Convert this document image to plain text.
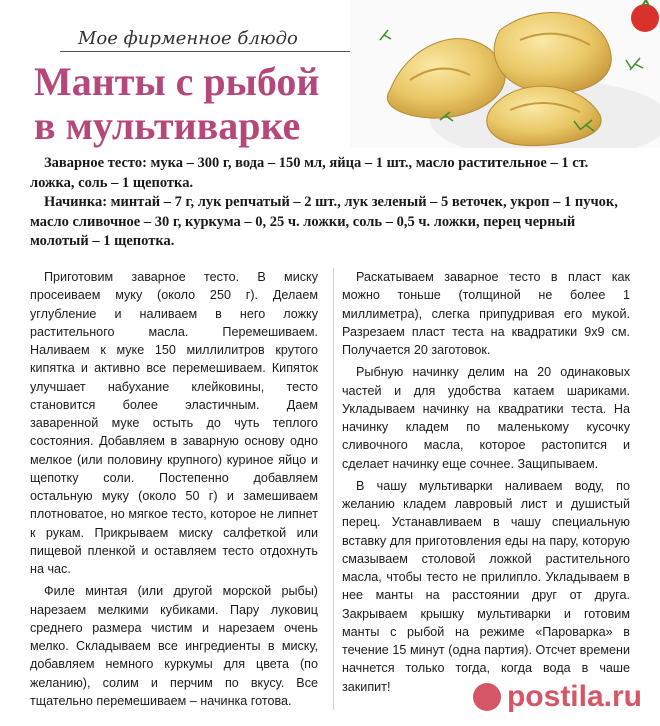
Мое фирменное блюдо
Манты с рыбой
в мультиварке

Заварное тесто: мука – 300 г, вода – 150 мл, яйца – 1 шт., масло растительное – 1 ст. ложка, соль – 1 щепотка.

Начинка: минтай – 7 г, лук репчатый – 2 шт., лук зеленый – 5 веточек, укроп – 1 пучок, масло сливочное – 30 г, куркума – 0, 25 ч. ложки, соль – 0,5 ч. ложки, перец черный молотый – 1 щепотка.

Приготовим заварное тесто. В миску просеиваем муку (около 250 г). Делаем углубление и наливаем в него ложку растительного масла. Перемешиваем. Наливаем к муке 150 миллилитров крутого кипятка и активно все перемешиваем. Кипяток улучшает набухание клейковины, тесто становится более эластичным. Даем заваренной муке остыть до чуть теплого состояния. Добавляем в заварную основу одно мелкое (или половину крупного) куриное яйцо и щепотку соли. Постепенно добавляем остальную муку (около 50 г) и замешиваем плотноватое, но мягкое тесто, которое не липнет к рукам. Прикрываем миску салфеткой или пищевой пленкой и оставляем тесто отдохнуть на час.

Филе минтая (или другой морской рыбы) нарезаем мелкими кубиками. Пару луковиц среднего размера чистим и нарезаем очень мелко. Складываем все ингредиенты в миску, добавляем немного куркумы для цвета (по желанию), солим и перчим по вкусу. Все тщательно перемешиваем – начинка готова.

Раскатываем заварное тесто в пласт как можно тоньше (толщиной не более 1 миллиметра), слегка припудривая его мукой. Разрезаем пласт теста на квадратики 9х9 см. Получается 20 заготовок.

Рыбную начинку делим на 20 одинаковых частей и для удобства катаем шариками. Укладываем начинку на квадратики теста. На начинку кладем по маленькому кусочку сливочного масла, которое растопится и сделает начинку еще сочнее. Защипываем.

В чашу мультиварки наливаем воду, по желанию кладем лавровый лист и душистый перец. Устанавливаем в чашу специальную вставку для приготовления еды на пару, которую смазываем столовой ложкой растительного масла, чтобы тесто не прилипло. Укладываем в нее манты на расстоянии друг от друга. Закрываем крышку мультиварки и готовим манты с рыбой на режиме «Пароварка» в течение 15 минут (одна партия). Отсчет времени начнется только тогда, когда вода в чаше закипит!	postila.ru
